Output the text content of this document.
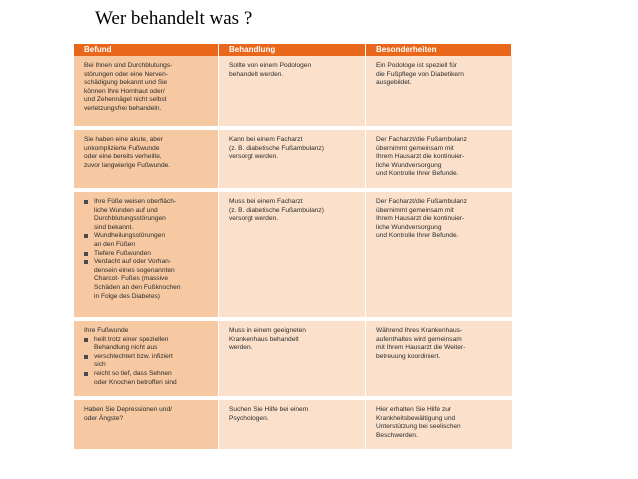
Wer behandelt was ?
Befund	Behandlung	Besonderheiten

Bei Ihnen sind Durchblutungs-
störungen oder eine Nerven-
schädigung bekannt und Sie
können Ihre Hornhaut oder/
und Zehennägel nicht selbst
verletzungsfrei behandeln.

Sollte von einem Podologen
behandelt werden.

Ein Podologe ist speziell für
die Fußpflege von Diabetikern
ausgebildet.

Sie haben eine akute, aber
unkomplizierte Fußwunde
oder eine bereits verheilte,
zuvor langwierige Fußwunde.

Kann bei einem Facharzt
(z. B. diabetische Fußambulanz)
versorgt werden.

Der Facharzt/die Fußambulanz
übernimmt gemeinsam mit
Ihrem Hausarzt die kontinuier-
liche Wundversorgung
und Kontrolle Ihrer Befunde.

Ihre Füße weisen oberfläch-
liche Wunden auf und
Durchblutungsstörungen
sind bekannt.
Wundheilungsstörungen
an den Füßen
Tiefere Fußwunden
Verdacht auf oder Vorhan-
densein eines sogenannten
Charcot- Fußes (massive
Schäden an den Fußknochen
in Folge des Diabetes)

Muss bei einem Facharzt
(z. B. diabetische Fußambulanz)
versorgt werden.

Der Facharzt/die Fußambulanz
übernimmt gemeinsam mit
Ihrem Hausarzt die kontinuier-
liche Wundversorgung
und Kontrolle Ihrer Befunde.

Ihre Fußwunde

heilt trotz einer speziellen
Behandlung nicht aus
verschlechtert bzw. infiziert
sich
reicht so tief, dass Sehnen
oder Knochen betroffen sind

Muss in einem geeigneten
Krankenhaus behandelt
werden.

Während Ihres Krankenhaus-
aufenthaltes wird gemeinsam
mit Ihrem Hausarzt die Weiter-
betreuung koordiniert.

Haben Sie Depressionen und/
oder Ängste?

Suchen Sie Hilfe bei einem
Psychologen.

Hier erhalten Sie Hilfe zur
Krankheitsbewältigung und
Unterstützung bei seelischen
Beschwerden.
